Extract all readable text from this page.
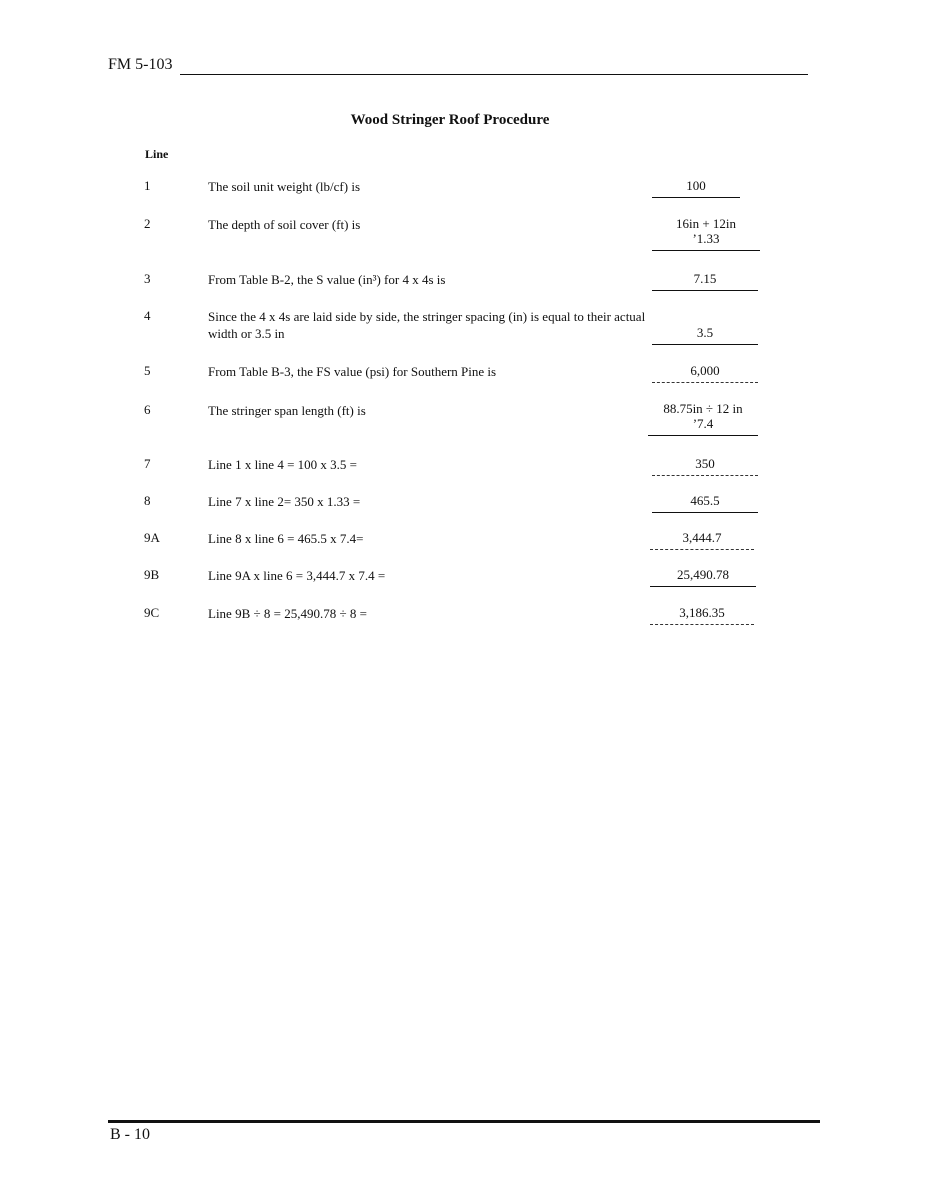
FM 5-103
Wood Stringer Roof Procedure
Line
1	The soil unit weight (lb/cf) is	100
2	The depth of soil cover (ft) is	16in + 12in
’1.33
3	From Table B-2, the S value (in³) for 4 x 4s is	7.15
4	Since the 4 x 4s are laid side by side, the stringer spacing (in) is equal to their actual width or 3.5 in	3.5
5	From Table B-3, the FS value (psi) for Southern Pine is	6,000
6	The stringer span length (ft) is	88.75in ÷ 12 in
’7.4
7	Line 1 x line 4 = 100 x 3.5 =	350
8	Line 7 x line 2= 350 x 1.33 =	465.5
9A	Line 8 x line 6 = 465.5 x 7.4=	3,444.7
9B	Line 9A x line 6 = 3,444.7 x 7.4 =	25,490.78
9C	Line 9B ÷ 8 = 25,490.78 ÷ 8 =	3,186.35
B - 10
